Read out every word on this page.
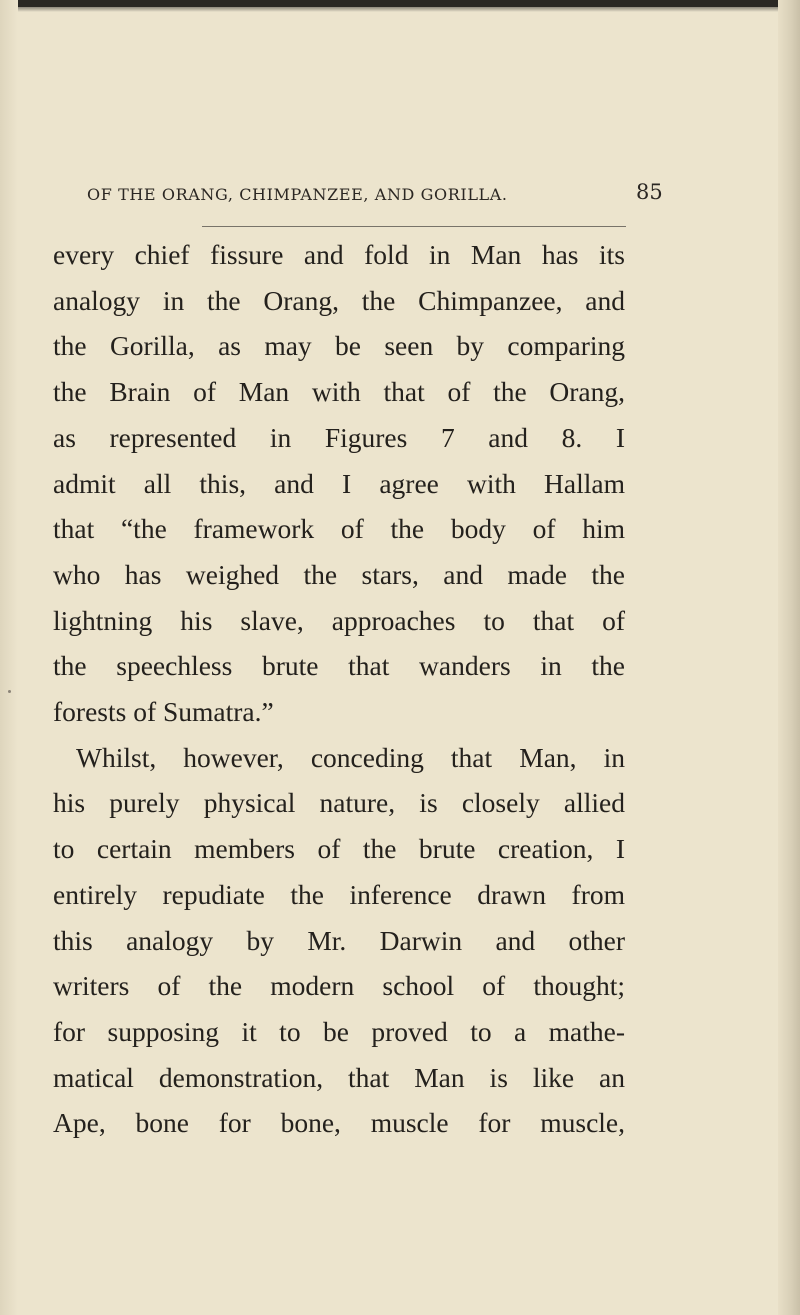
OF THE ORANG, CHIMPANZEE, AND GORILLA.	85
every chief fissure and fold in Man has its
analogy in the Orang, the Chimpanzee, and
the Gorilla, as may be seen by comparing
the Brain of Man with that of the Orang,
as represented in Figures 7 and 8. I
admit all this, and I agree with Hallam
that “the framework of the body of him
who has weighed the stars, and made the
lightning his slave, approaches to that of
the speechless brute that wanders in the
forests of Sumatra.”
Whilst, however, conceding that Man, in
his purely physical nature, is closely allied
to certain members of the brute creation, I
entirely repudiate the inference drawn from
this analogy by Mr. Darwin and other
writers of the modern school of thought;
for supposing it to be proved to a mathe-
matical demonstration, that Man is like an
Ape, bone for bone, muscle for muscle,
